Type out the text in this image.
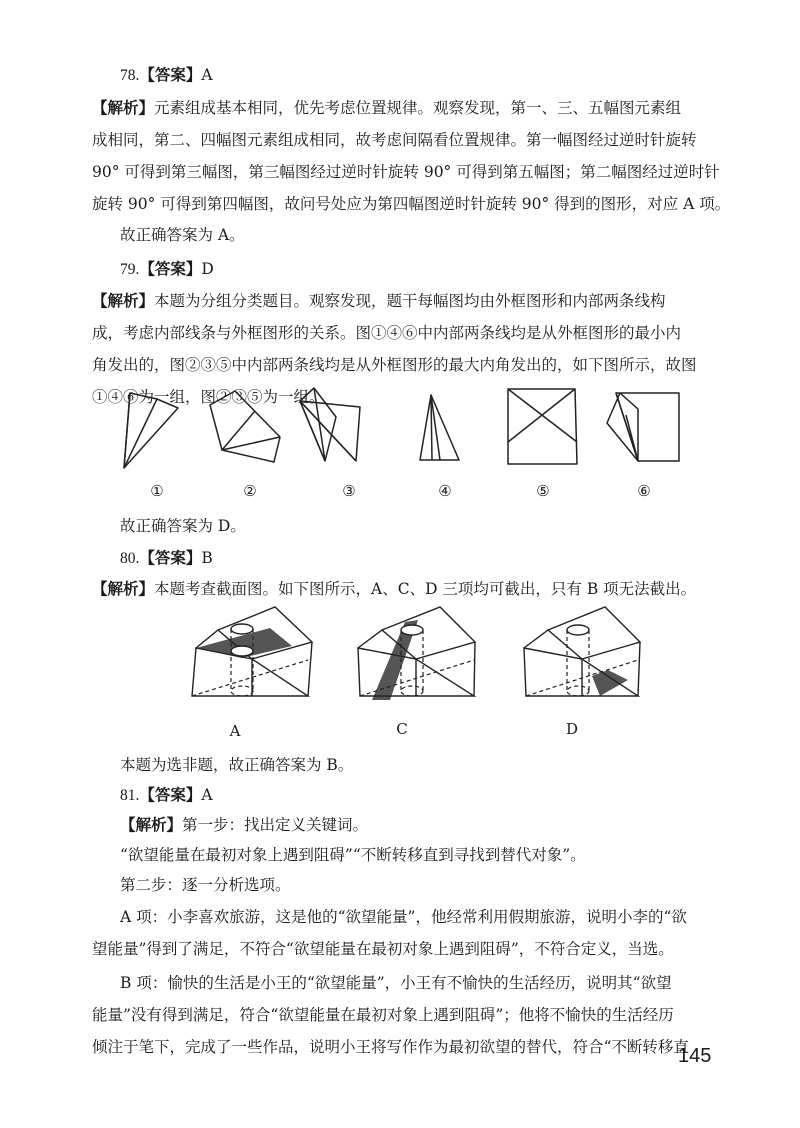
78.【答案】A
【解析】元素组成基本相同，优先考虑位置规律。观察发现，第一、三、五幅图元素组
成相同，第二、四幅图元素组成相同，故考虑间隔看位置规律。第一幅图经过逆时针旋转
90° 可得到第三幅图，第三幅图经过逆时针旋转 90° 可得到第五幅图；第二幅图经过逆时针
旋转 90° 可得到第四幅图，故问号处应为第四幅图逆时针旋转 90° 得到的图形，对应 A 项。
故正确答案为 A。
79.【答案】D
【解析】本题为分组分类题目。观察发现，题干每幅图均由外框图形和内部两条线构
成，考虑内部线条与外框图形的关系。图①④⑥中内部两条线均是从外框图形的最小内
角发出的，图②③⑤中内部两条线均是从外框图形的最大内角发出的，如下图所示，故图
①④⑥为一组，图②③⑤为一组。
①	②	③	④	⑤	⑥
故正确答案为 D。
80.【答案】B
【解析】本题考查截面图。如下图所示，A、C、D 三项均可截出，只有 B 项无法截出。
A	C	D
本题为选非题，故正确答案为 B。
81.【答案】A
【解析】第一步：找出定义关键词。
“欲望能量在最初对象上遇到阻碍”“不断转移直到寻找到替代对象”。
第二步：逐一分析选项。
A 项：小李喜欢旅游，这是他的“欲望能量”，他经常利用假期旅游，说明小李的“欲
望能量”得到了满足，不符合“欲望能量在最初对象上遇到阻碍”，不符合定义，当选。
B 项：愉快的生活是小王的“欲望能量”，小王有不愉快的生活经历，说明其“欲望
能量”没有得到满足，符合“欲望能量在最初对象上遇到阻碍”；他将不愉快的生活经历
倾注于笔下，完成了一些作品，说明小王将写作作为最初欲望的替代，符合“不断转移直
145
